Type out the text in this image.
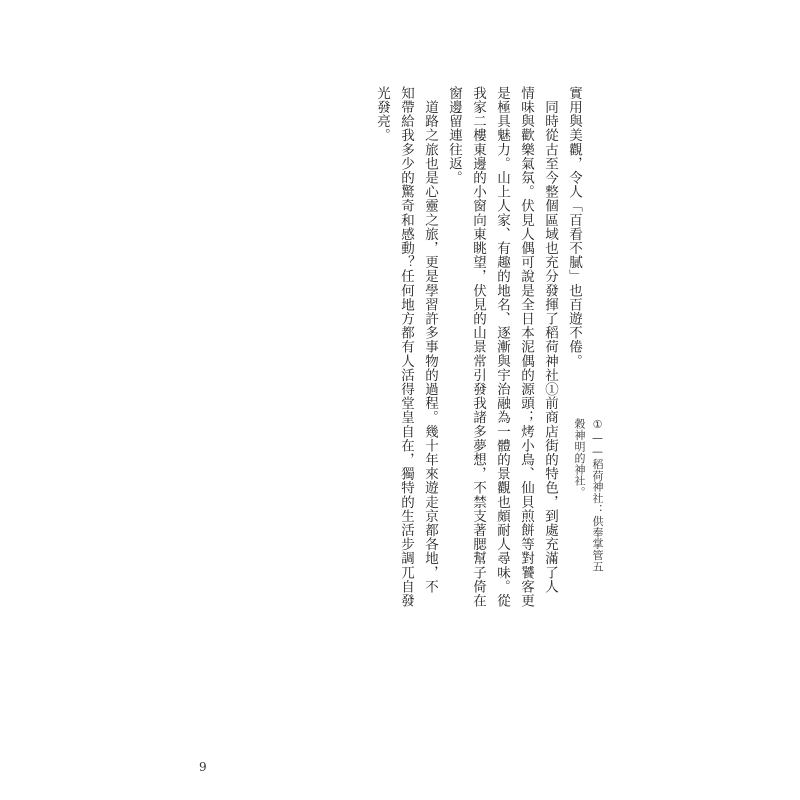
①——稻荷神社：供奉掌管五
穀神明的神社。
實用與美觀，令人「百看不膩」也百遊不倦。
　同時從古至今整個區域也充分發揮了稻荷神社①前商店街的特色，到處充滿了人
情味與歡樂氣氛。伏見人偶可說是全日本泥偶的源頭；烤小鳥、仙貝煎餅等對饕客更
是極具魅力。山上人家、有趣的地名、逐漸與宇治融為一體的景觀也頗耐人尋味。從
我家二樓東邊的小窗向東眺望，伏見的山景常引發我諸多夢想，不禁支著腮幫子倚在
窗邊留連往返。
　道路之旅也是心靈之旅，更是學習許多事物的過程。幾十年來遊走京都各地，不
知帶給我多少的驚奇和感動？任何地方都有人活得堂皇自在，獨特的生活步調兀自發
光發亮。
9
